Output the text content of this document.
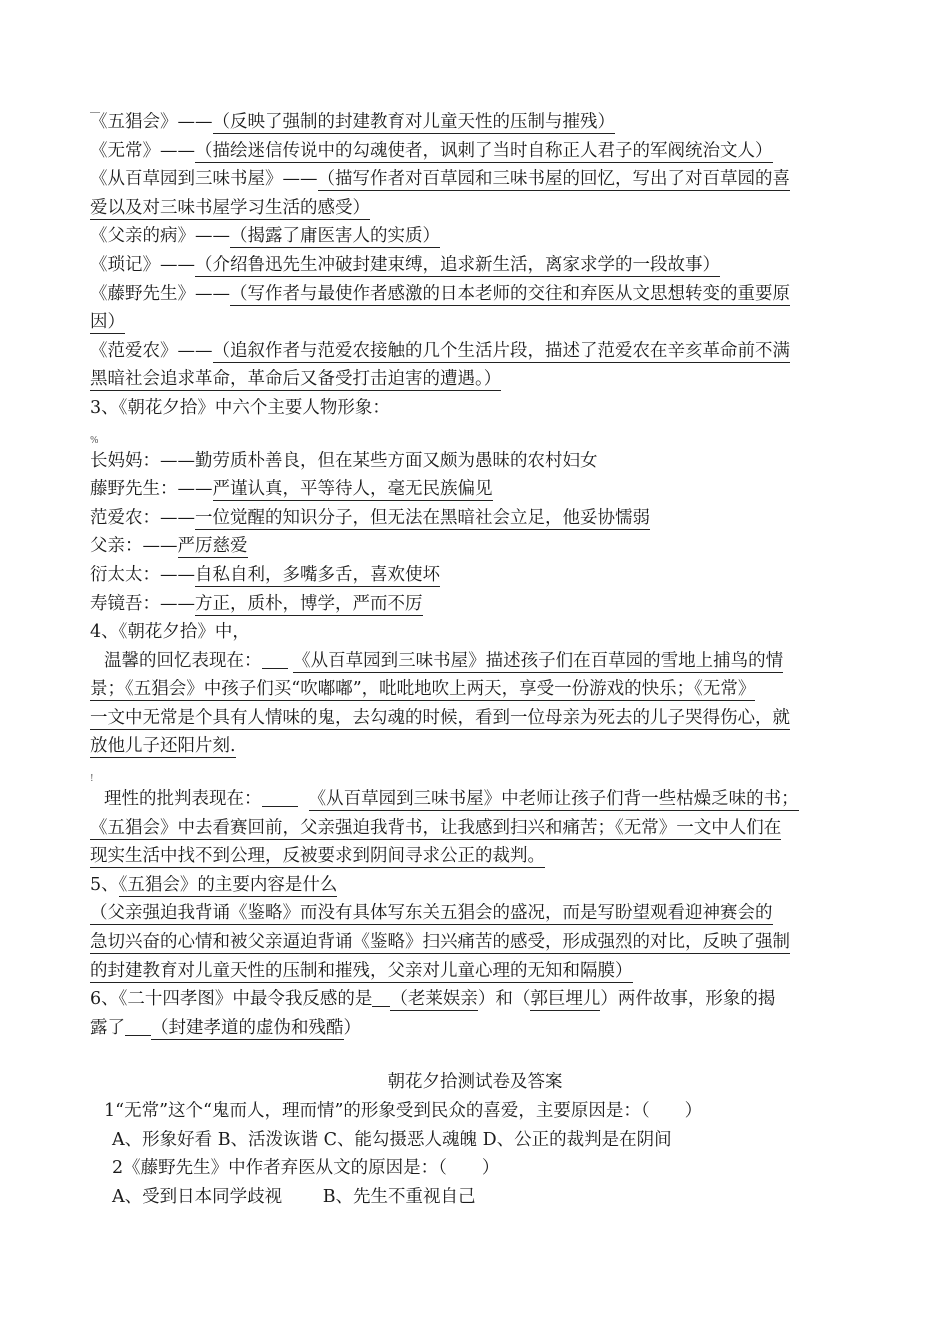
《五猖会》——（反映了强制的封建教育对儿童天性的压制与摧残）
《无常》——（描绘迷信传说中的勾魂使者，讽刺了当时自称正人君子的军阀统治文人）
《从百草园到三味书屋》——（描写作者对百草园和三味书屋的回忆，写出了对百草园的喜
爱以及对三味书屋学习生活的感受）
《父亲的病》——（揭露了庸医害人的实质）
《琐记》——（介绍鲁迅先生冲破封建束缚，追求新生活，离家求学的一段故事）
《藤野先生》——（写作者与最使作者感激的日本老师的交往和弃医从文思想转变的重要原
因）
《范爱农》——（追叙作者与范爱农接触的几个生活片段，描述了范爱农在辛亥革命前不满
黑暗社会追求革命，革命后又备受打击迫害的遭遇。）
3、《朝花夕拾》中六个主要人物形象：
%
长妈妈：——勤劳质朴善良，但在某些方面又颇为愚昧的农村妇女
藤野先生：——严谨认真，平等待人，毫无民族偏见
范爱农：——一位觉醒的知识分子，但无法在黑暗社会立足，他妥协懦弱
父亲：——严厉慈爱
衍太太：——自私自利，多嘴多舌，喜欢使坏
寿镜吾：——方正，质朴，博学，严而不厉
4、《朝花夕拾》中，
温馨的回忆表现在： 《从百草园到三味书屋》描述孩子们在百草园的雪地上捕鸟的情
景；《五猖会》中孩子们买“吹嘟嘟”，吡吡地吹上两天，享受一份游戏的快乐；《无常》
一文中无常是个具有人情味的鬼，去勾魂的时候，看到一位母亲为死去的儿子哭得伤心，就
放他儿子还阳片刻.
!
理性的批判表现在：	《从百草园到三味书屋》中老师让孩子们背一些枯燥乏味的书；
《五猖会》中去看赛回前，父亲强迫我背书，让我感到扫兴和痛苦；《无常》一文中人们在
现实生活中找不到公理，反被要求到阴间寻求公正的裁判。
5、《五猖会》的主要内容是什么
（父亲强迫我背诵《鉴略》而没有具体写东关五猖会的盛况，而是写盼望观看迎神赛会的
急切兴奋的心情和被父亲逼迫背诵《鉴略》扫兴痛苦的感受，形成强烈的对比，反映了强制
的封建教育对儿童天性的压制和摧残，父亲对儿童心理的无知和隔膜）
6、《二十四孝图》中最令我反感的是 （老莱娱亲）和（郭巨埋儿）两件故事，形象的揭
露了 （封建孝道的虚伪和残酷）
朝花夕拾测试卷及答案
1“无常”这个“鬼而人，理而情”的形象受到民众的喜爱，主要原因是：（　　）
A、形象好看 B、活泼诙谐 C、能勾摄恶人魂魄 D、公正的裁判是在阴间
2《藤野先生》中作者弃医从文的原因是：（　　）
A、受到日本同学歧视　　 B、先生不重视自己
